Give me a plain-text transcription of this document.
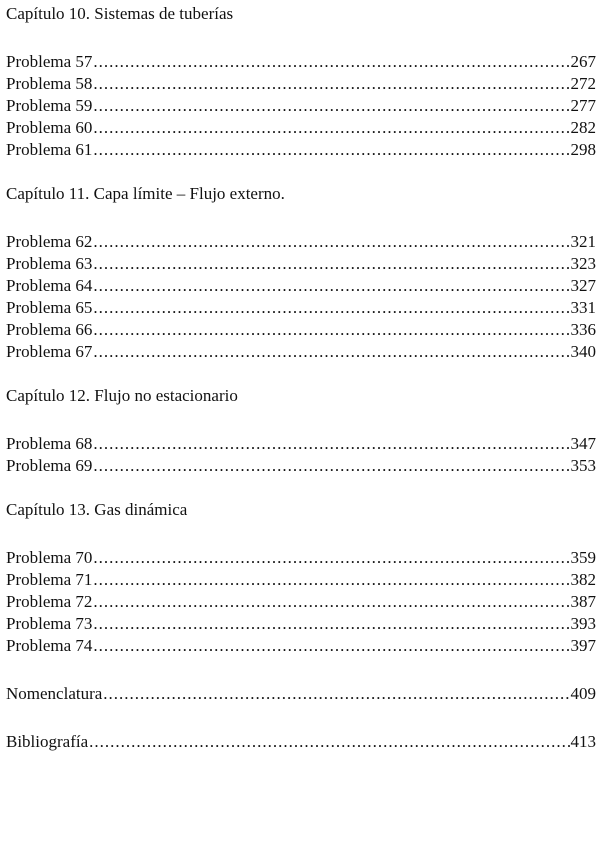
Capítulo 10. Sistemas de tuberías
Problema 57 .....	267
Problema 58 .....	272
Problema 59 .....	277
Problema 60 .....	282
Problema 61 .....	298
Capítulo 11. Capa límite – Flujo externo.
Problema 62 .....	321
Problema 63 .....	323
Problema 64 .....	327
Problema 65 .....	331
Problema 66 .....	336
Problema 67 .....	340
Capítulo 12. Flujo no estacionario
Problema 68 .....	347
Problema 69 .....	353
Capítulo 13. Gas dinámica
Problema 70 .....	359
Problema 71 .....	382
Problema 72 .....	387
Problema 73 .....	393
Problema 74 .....	397
Nomenclatura .....	409
Bibliografía .....	413
